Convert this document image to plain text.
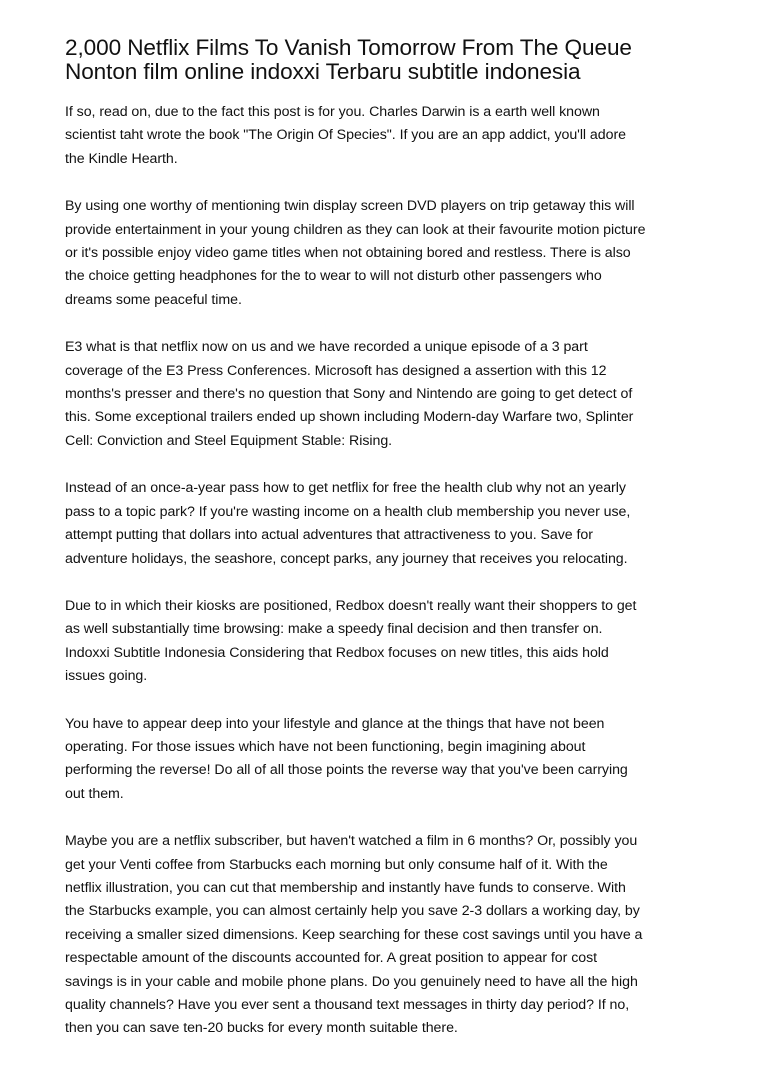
2,000 Netflix Films To Vanish Tomorrow From The Queue
Nonton film online indoxxi Terbaru subtitle indonesia

If so, read on, due to the fact this post is for you. Charles Darwin is a earth well known
scientist taht wrote the book "The Origin Of Species". If you are an app addict, you'll adore
the Kindle Hearth.

By using one worthy of mentioning twin display screen DVD players on trip getaway this will
provide entertainment in your young children as they can look at their favourite motion picture
or it's possible enjoy video game titles when not obtaining bored and restless. There is also
the choice getting headphones for the to wear to will not disturb other passengers who
dreams some peaceful time.

E3 what is that netflix now on us and we have recorded a unique episode of a 3 part
coverage of the E3 Press Conferences. Microsoft has designed a assertion with this 12
months's presser and there's no question that Sony and Nintendo are going to get detect of
this. Some exceptional trailers ended up shown including Modern-day Warfare two, Splinter
Cell: Conviction and Steel Equipment Stable: Rising.

Instead of an once-a-year pass how to get netflix for free the health club why not an yearly
pass to a topic park? If you're wasting income on a health club membership you never use,
attempt putting that dollars into actual adventures that attractiveness to you. Save for
adventure holidays, the seashore, concept parks, any journey that receives you relocating.

Due to in which their kiosks are positioned, Redbox doesn't really want their shoppers to get
as well substantially time browsing: make a speedy final decision and then transfer on.
Indoxxi Subtitle Indonesia Considering that Redbox focuses on new titles, this aids hold
issues going.

You have to appear deep into your lifestyle and glance at the things that have not been
operating. For those issues which have not been functioning, begin imagining about
performing the reverse! Do all of all those points the reverse way that you've been carrying
out them.

Maybe you are a netflix subscriber, but haven't watched a film in 6 months? Or, possibly you
get your Venti coffee from Starbucks each morning but only consume half of it. With the
netflix illustration, you can cut that membership and instantly have funds to conserve. With
the Starbucks example, you can almost certainly help you save 2-3 dollars a working day, by
receiving a smaller sized dimensions. Keep searching for these cost savings until you have a
respectable amount of the discounts accounted for. A great position to appear for cost
savings is in your cable and mobile phone plans. Do you genuinely need to have all the high
quality channels? Have you ever sent a thousand text messages in thirty day period? If no,
then you can save ten-20 bucks for every month suitable there.
